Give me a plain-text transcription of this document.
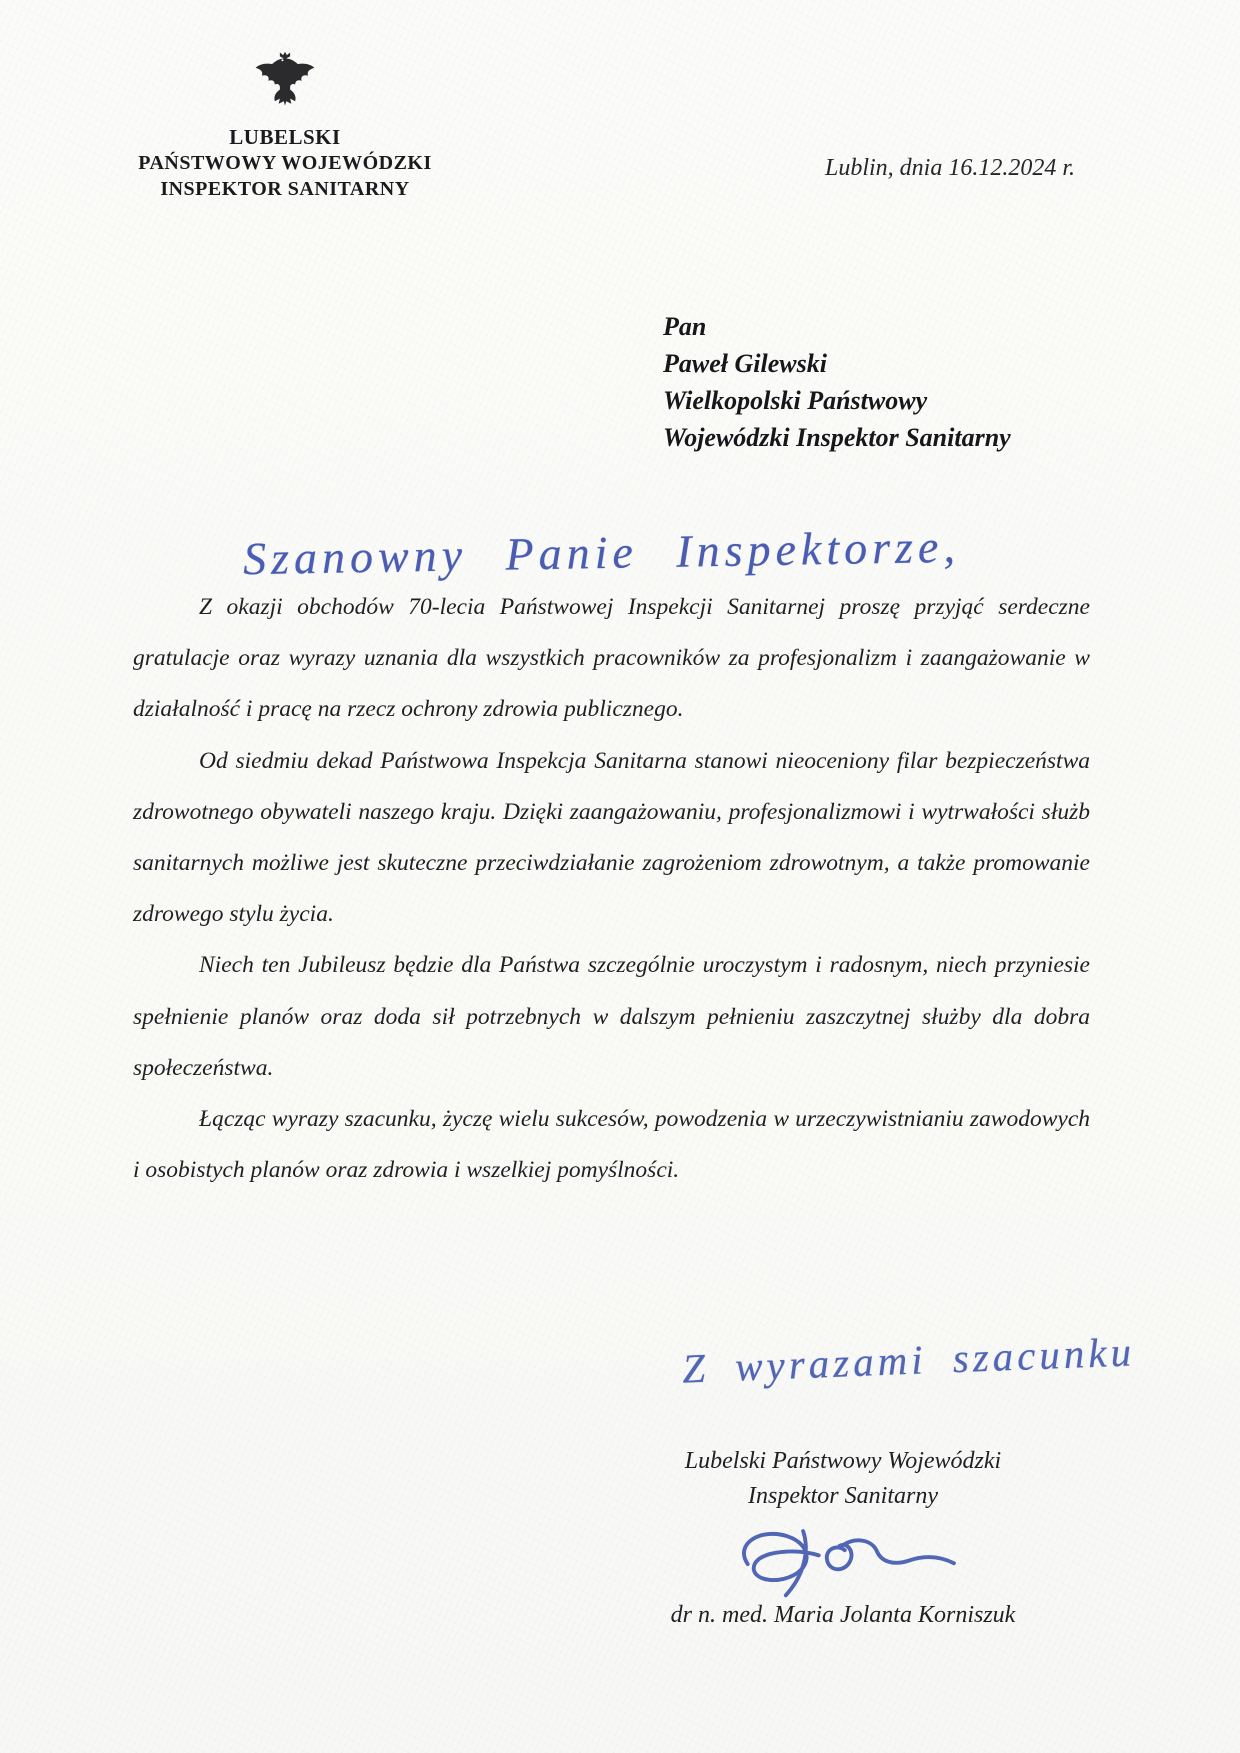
LUBELSKI
PAŃSTWOWY WOJEWÓDZKI
INSPEKTOR SANITARNY
Lublin, dnia 16.12.2024 r.
Pan
Paweł Gilewski
Wielkopolski Państwowy
Wojewódzki Inspektor Sanitarny
Szanowny Panie Inspektorze,

Z okazji obchodów 70-lecia Państwowej Inspekcji Sanitarnej proszę przyjąć serdeczne gratulacje oraz wyrazy uznania dla wszystkich pracowników za profesjonalizm i zaangażowanie w działalność i pracę na rzecz ochrony zdrowia publicznego.

Od siedmiu dekad Państwowa Inspekcja Sanitarna stanowi nieoceniony filar bezpieczeństwa zdrowotnego obywateli naszego kraju. Dzięki zaangażowaniu, profesjonalizmowi i wytrwałości służb sanitarnych możliwe jest skuteczne przeciwdziałanie zagrożeniom zdrowotnym, a także promowanie zdrowego stylu życia.

Niech ten Jubileusz będzie dla Państwa szczególnie uroczystym i radosnym, niech przyniesie spełnienie planów oraz doda sił potrzebnych w dalszym pełnieniu zaszczytnej służby dla dobra społeczeństwa.

Łącząc wyrazy szacunku, życzę wielu sukcesów, powodzenia w urzeczywistnianiu zawodowych i osobistych planów oraz zdrowia i wszelkiej pomyślności.

Z wyrazami szacunku
Lubelski Państwowy Wojewódzki
Inspektor Sanitarny
dr n. med. Maria Jolanta Korniszuk
